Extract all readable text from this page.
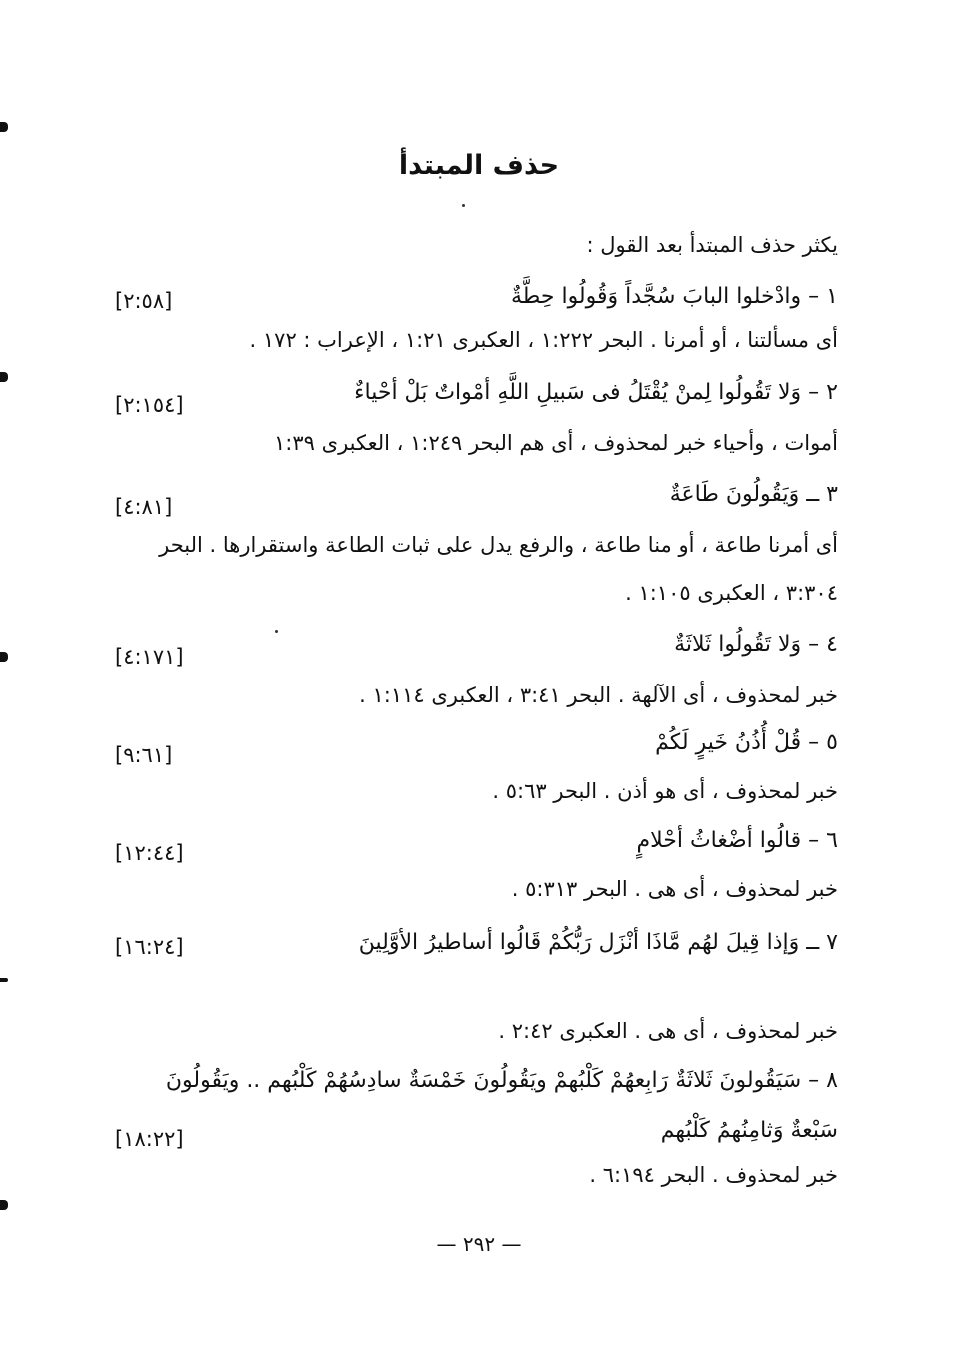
حذف المبتدأ
يكثر حذف المبتدأ بعد القول :
١ – وادْخلوا البابَ سُجَّداً وَقُولُوا حِطَّةٌ
[٢:٥٨]
أى مسألتنا ، أو أمرنا . البحر ١:٢٢٢ ، العكبرى ١:٢١ ، الإعراب : ١٧٢ .
٢ – وَلا تَقُولُوا لِمنْ يُقْتَلُ فى سَبيلِ اللَّهِ أمْواتٌ بَلْ أحْياءٌ
[٢:١٥٤]
أموات ، وأحياء خبر لمحذوف ، أى هم البحر ١:٢٤٩ ، العكبرى ١:٣٩
٣ ــ وَيَقُولُونَ طَاعَةٌ
[٤:٨١]
أى أمرنا طاعة ، أو منا طاعة ، والرفع يدل على ثبات الطاعة واستقرارها . البحر
٣:٣٠٤ ، العكبرى ١:١٠٥ .
٤ – وَلا تَقُولُوا ثَلاثَةٌ
[٤:١٧١]
خبر لمحذوف ، أى الآلهة . البحر ٣:٤١ ، العكبرى ١:١١٤ .
٥ – قُلْ أُذُنُ خَيرٍ لَكُمْ
[٩:٦١]
خبر لمحذوف ، أى هو أذن . البحر ٥:٦٣ .
٦ – قالُوا أضْغاثُ أحْلامٍ
[١٢:٤٤]
خبر لمحذوف ، أى هى . البحر ٥:٣١٣ .
٧ ــ وَإذا قِيلَ لهُم مَّاذَا أنْزَل رَبُّكُمْ قَالُوا أساطيرُ الأوَّلِينَ
[١٦:٢٤]
خبر لمحذوف ، أى هى . العكبرى ٢:٤٢ .
٨ – سَيَقُولونَ ثَلاثَةٌ رَابِعهُمْ كَلْبُهمْ ويَقُولُونَ خَمْسَةٌ سادِسُهُمْ كَلْبُهم .. ويَقُولُونَ
سَبْعةٌ وَثامِنُهمُ كَلْبُهم
[١٨:٢٢]
خبر لمحذوف . البحر ٦:١٩٤ .
— ٢٩٢ —
